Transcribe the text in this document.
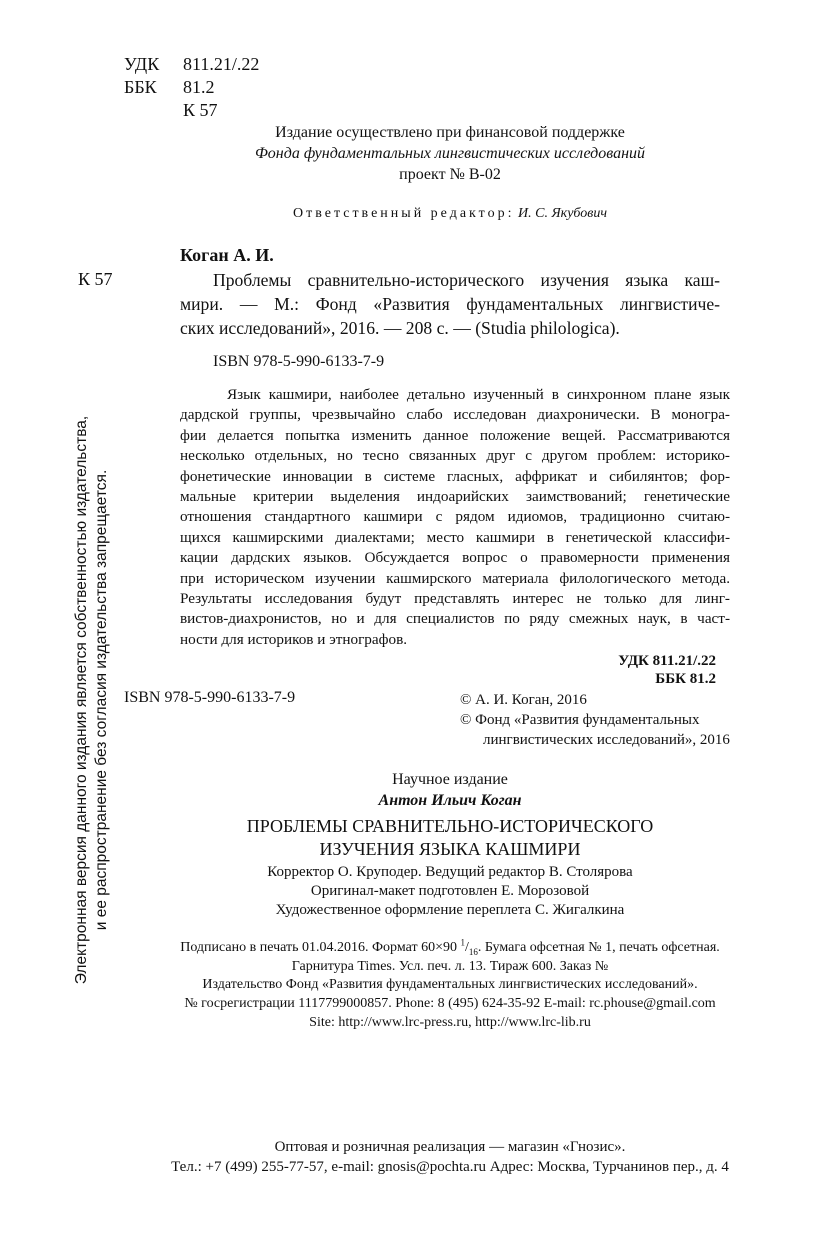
УДК 811.21/.22
ББК 81.2
К 57
Издание осуществлено при финансовой поддержке
Фонда фундаментальных лингвистических исследований
проект № В-02
Ответственный редактор: И. С. Якубович
Коган А. И.
К 57	Проблемы сравнительно-исторического изучения языка каш-

мири. — М.: Фонд «Развития фундаментальных лингвистиче-

ских исследований», 2016. — 208 с. — (Studia philologica).

ISBN 978-5-990-6133-7-9

Язык кашмири, наиболее детально изученный в синхронном плане язык

дардской группы, чрезвычайно слабо исследован диахронически. В моногра-

фии делается попытка изменить данное положение вещей. Рассматриваются

несколько отдельных, но тесно связанных друг с другом проблем: историко-

фонетические инновации в системе гласных, аффрикат и сибилянтов; фор-

мальные критерии выделения индоарийских заимствований; генетические

отношения стандартного кашмири с рядом идиомов, традиционно считаю-

щихся кашмирскими диалектами; место кашмири в генетической классифи-

кации дардских языков. Обсуждается вопрос о правомерности применения

при историческом изучении кашмирского материала филологического метода.

Результаты исследования будут представлять интерес не только для линг-

вистов-диахронистов, но и для специалистов по ряду смежных наук, в част-

ности для историков и этнографов.

УДК 811.21/.22
ББК 81.2
ISBN 978-5-990-6133-7-9	© А. И. Коган, 2016
© Фонд «Развития фундаментальных
лингвистических исследований», 2016
Научное издание
Антон Ильич Коган
ПРОБЛЕМЫ СРАВНИТЕЛЬНО-ИСТОРИЧЕСКОГО
ИЗУЧЕНИЯ ЯЗЫКА КАШМИРИ
Корректор О. Круподер. Ведущий редактор В. Столярова
Оригинал-макет подготовлен Е. Морозовой
Художественное оформление переплета С. Жигалкина
Подписано в печать 01.04.2016. Формат 60×90 $^1/_{16}$. Бумага офсетная № 1, печать офсетная.
Гарнитура Times. Усл. печ. л. 13. Тираж 600. Заказ №
Издательство Фонд «Развития фундаментальных лингвистических исследований».
№ госрегистрации 1117799000857. Phone: 8 (495) 624-35-92 E-mail: rc.phouse@gmail.com
Site: http://www.lrc-press.ru, http://www.lrc-lib.ru
Оптовая и розничная реализация — магазин «Гнозис».
Тел.: +7 (499) 255-77-57, e-mail: gnosis@pochta.ru Адрес: Москва, Турчанинов пер., д. 4
Электронная версия данного издания является собственностью издательства, и ее распространение без согласия издательства запрещается.
